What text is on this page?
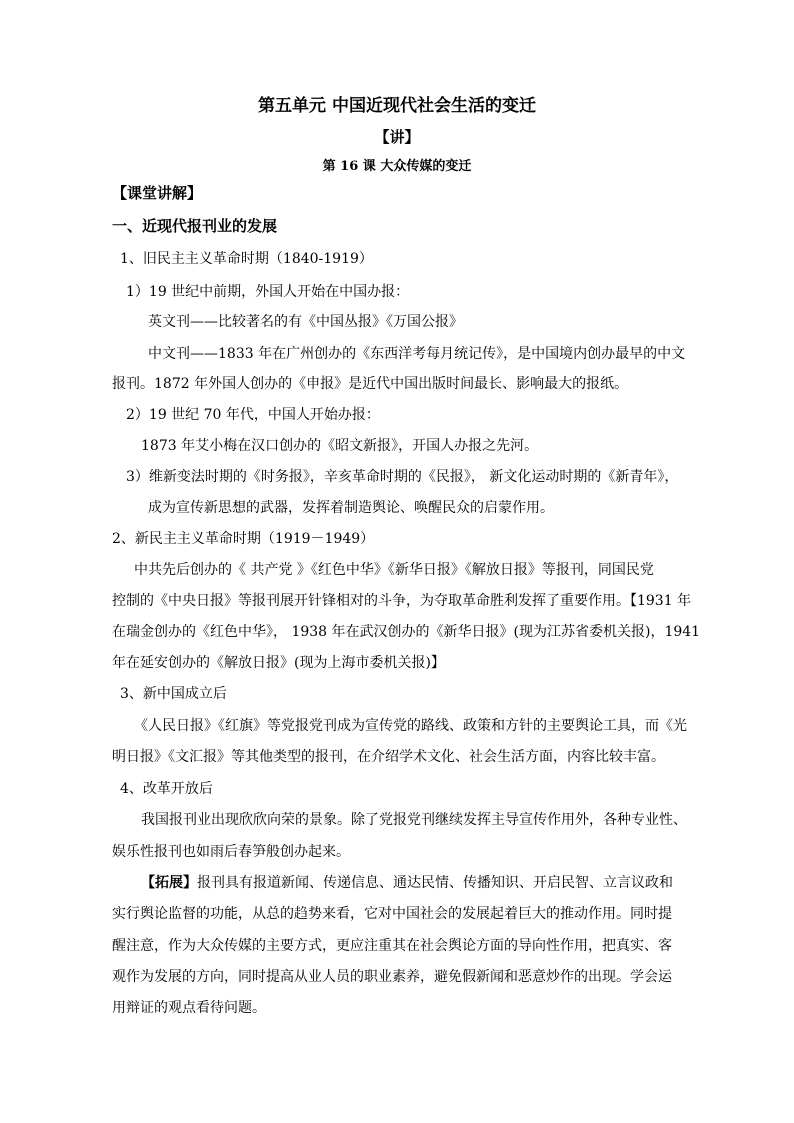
第五单元 中国近现代社会生活的变迁
【讲】
第 16 课 大众传媒的变迁
【课堂讲解】
一、近现代报刊业的发展
1、旧民主主义革命时期（1840-1919）
1）19 世纪中前期，外国人开始在中国办报：
英文刊——比较著名的有《中国丛报》《万国公报》
中文刊——1833 年在广州创办的《东西洋考每月统记传》，是中国境内创办最早的中文
报刊。1872 年外国人创办的《申报》是近代中国出版时间最长、影响最大的报纸。
2）19 世纪 70 年代，中国人开始办报：
1873 年艾小梅在汉口创办的《昭文新报》，开国人办报之先河。
3）维新变法时期的《时务报》，辛亥革命时期的《民报》， 新文化运动时期的《新青年》，
成为宣传新思想的武器，发挥着制造舆论、唤醒民众的启蒙作用。
2、新民主主义革命时期（1919－1949）
中共先后创办的《 共产党 》《红色中华》《新华日报》《解放日报》等报刊，同国民党
控制的《中央日报》等报刊展开针锋相对的斗争，为夺取革命胜利发挥了重要作用。【1931 年
在瑞金创办的《红色中华》， 1938 年在武汉创办的《新华日报》(现为江苏省委机关报)，1941
年在延安创办的《解放日报》(现为上海市委机关报)】
3、新中国成立后
《人民日报》《红旗》等党报党刊成为宣传党的路线、政策和方针的主要舆论工具，而《光
明日报》《文汇报》等其他类型的报刊，在介绍学术文化、社会生活方面，内容比较丰富。
4、改革开放后
我国报刊业出现欣欣向荣的景象。除了党报党刊继续发挥主导宣传作用外，各种专业性、
娱乐性报刊也如雨后春笋般创办起来。
【拓展】报刊具有报道新闻、传递信息、通达民情、传播知识、开启民智、立言议政和
实行舆论监督的功能，从总的趋势来看，它对中国社会的发展起着巨大的推动作用。同时提
醒注意，作为大众传媒的主要方式，更应注重其在社会舆论方面的导向性作用，把真实、客
观作为发展的方向，同时提高从业人员的职业素养，避免假新闻和恶意炒作的出现。学会运
用辩证的观点看待问题。
